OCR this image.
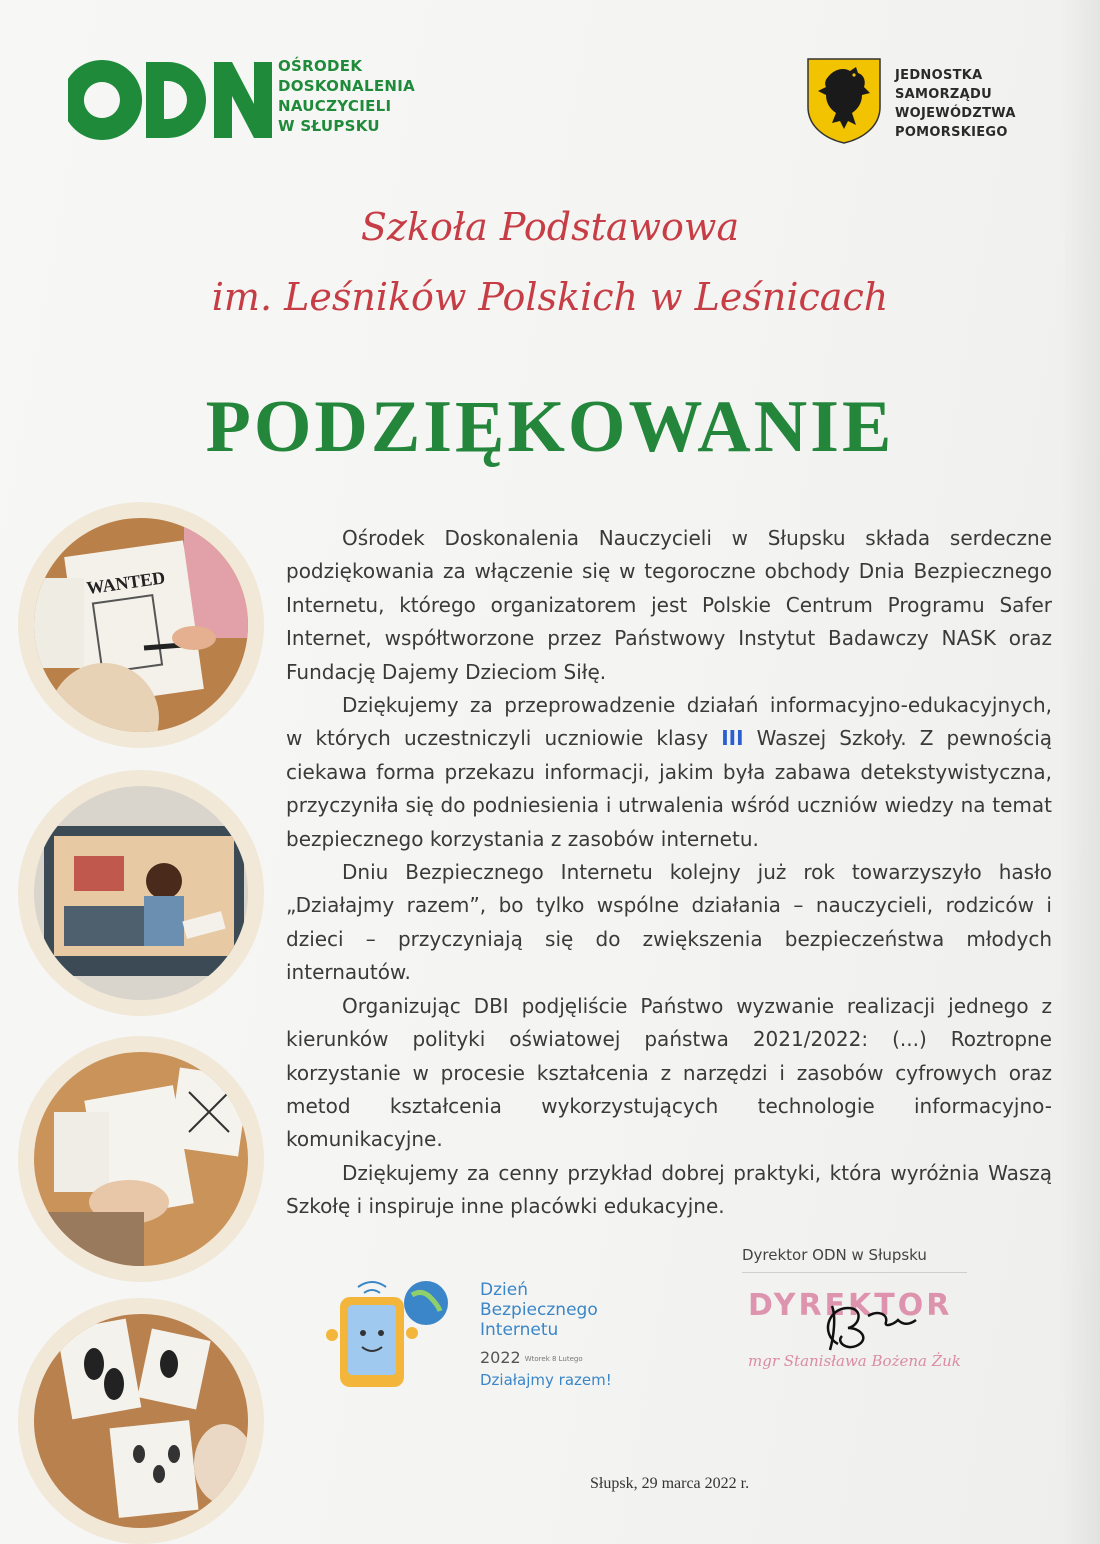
OŚRODEK
DOSKONALENIA
NAUCZYCIELI
W SŁUPSKU
JEDNOSTKA
SAMORZĄDU
WOJEWÓDZTWA
POMORSKIEGO
Szkoła Podstawowa
im. Leśników Polskich w Leśnicach
PODZIĘKOWANIE
WANTED

Ośrodek Doskonalenia Nauczycieli w Słupsku składa serdeczne podziękowania za włączenie się w tegoroczne obchody Dnia Bezpiecznego Internetu, którego organizatorem jest Polskie Centrum Programu Safer Internet, współtworzone przez Państwowy Instytut Badawczy NASK oraz Fundację Dajemy Dzieciom Siłę.

Dziękujemy za przeprowadzenie działań informacyjno-edukacyjnych, w których uczestniczyli uczniowie klasy III Waszej Szkoły. Z pewnością ciekawa forma przekazu informacji, jakim była zabawa detekstywistyczna, przyczyniła się do podniesienia i utrwalenia wśród uczniów wiedzy na temat bezpiecznego korzystania z zasobów internetu.

Dniu Bezpiecznego Internetu kolejny już rok towarzyszyło hasło „Działajmy razem”, bo tylko wspólne działania – nauczycieli, rodziców i dzieci – przyczyniają się do zwiększenia bezpieczeństwa młodych internautów.

Organizując DBI podjęliście Państwo wyzwanie realizacji jednego z kierunków polityki oświatowej państwa 2021/2022: (...) Roztropne korzystanie w procesie kształcenia z narzędzi i zasobów cyfrowych oraz metod kształcenia wykorzystujących technologie informacyjno-komunikacyjne.

Dziękujemy za cenny przykład dobrej praktyki, która wyróżnia Waszą Szkołę i inspiruje inne placówki edukacyjne.

Dzień
Bezpiecznego
Internetu
2022 Wtorek 8 Lutego
Działajmy razem!
Dyrektor ODN w Słupsku
DYREKTOR
mgr Stanisława Bożena Żuk
Słupsk, 29 marca 2022 r.
